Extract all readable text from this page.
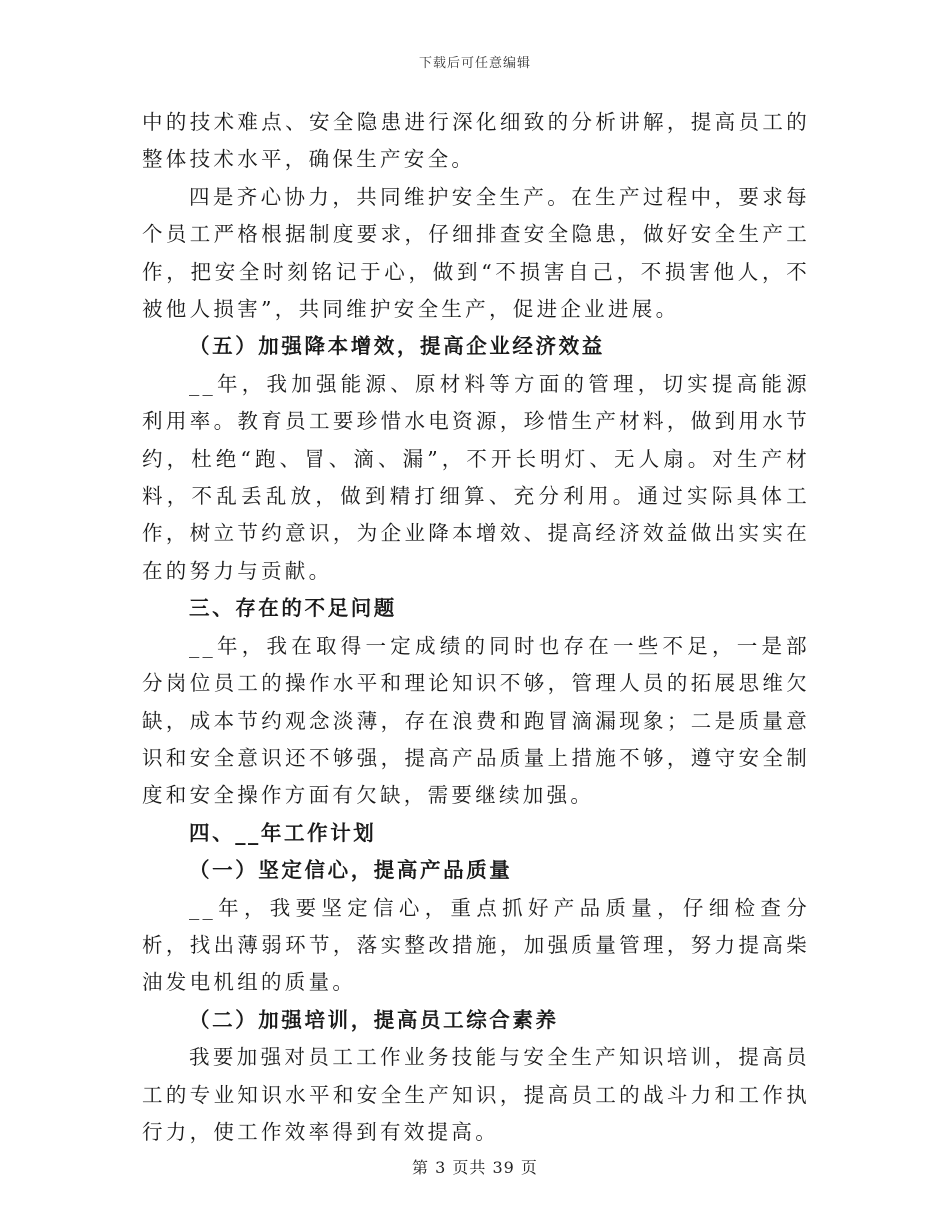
下载后可任意编辑

中的技术难点、安全隐患进行深化细致的分析讲解，提高员工的整体技术水平，确保生产安全。

四是齐心协力，共同维护安全生产。在生产过程中，要求每个员工严格根据制度要求，仔细排查安全隐患，做好安全生产工作，把安全时刻铭记于心，做到“不损害自己，不损害他人，不被他人损害”，共同维护安全生产，促进企业进展。

（五）加强降本增效，提高企业经济效益

__年，我加强能源、原材料等方面的管理，切实提高能源利用率。教育员工要珍惜水电资源，珍惜生产材料，做到用水节约，杜绝“跑、冒、滴、漏”，不开长明灯、无人扇。对生产材料，不乱丢乱放，做到精打细算、充分利用。通过实际具体工作，树立节约意识，为企业降本增效、提高经济效益做出实实在在的努力与贡献。

三、存在的不足问题

__年，我在取得一定成绩的同时也存在一些不足，一是部分岗位员工的操作水平和理论知识不够，管理人员的拓展思维欠缺，成本节约观念淡薄，存在浪费和跑冒滴漏现象；二是质量意识和安全意识还不够强，提高产品质量上措施不够，遵守安全制度和安全操作方面有欠缺，需要继续加强。

四、__年工作计划

（一）坚定信心，提高产品质量

__年，我要坚定信心，重点抓好产品质量，仔细检查分析，找出薄弱环节，落实整改措施，加强质量管理，努力提高柴油发电机组的质量。

（二）加强培训，提高员工综合素养

我要加强对员工工作业务技能与安全生产知识培训，提高员工的专业知识水平和安全生产知识，提高员工的战斗力和工作执行力，使工作效率得到有效提高。

第 3 页共 39 页
